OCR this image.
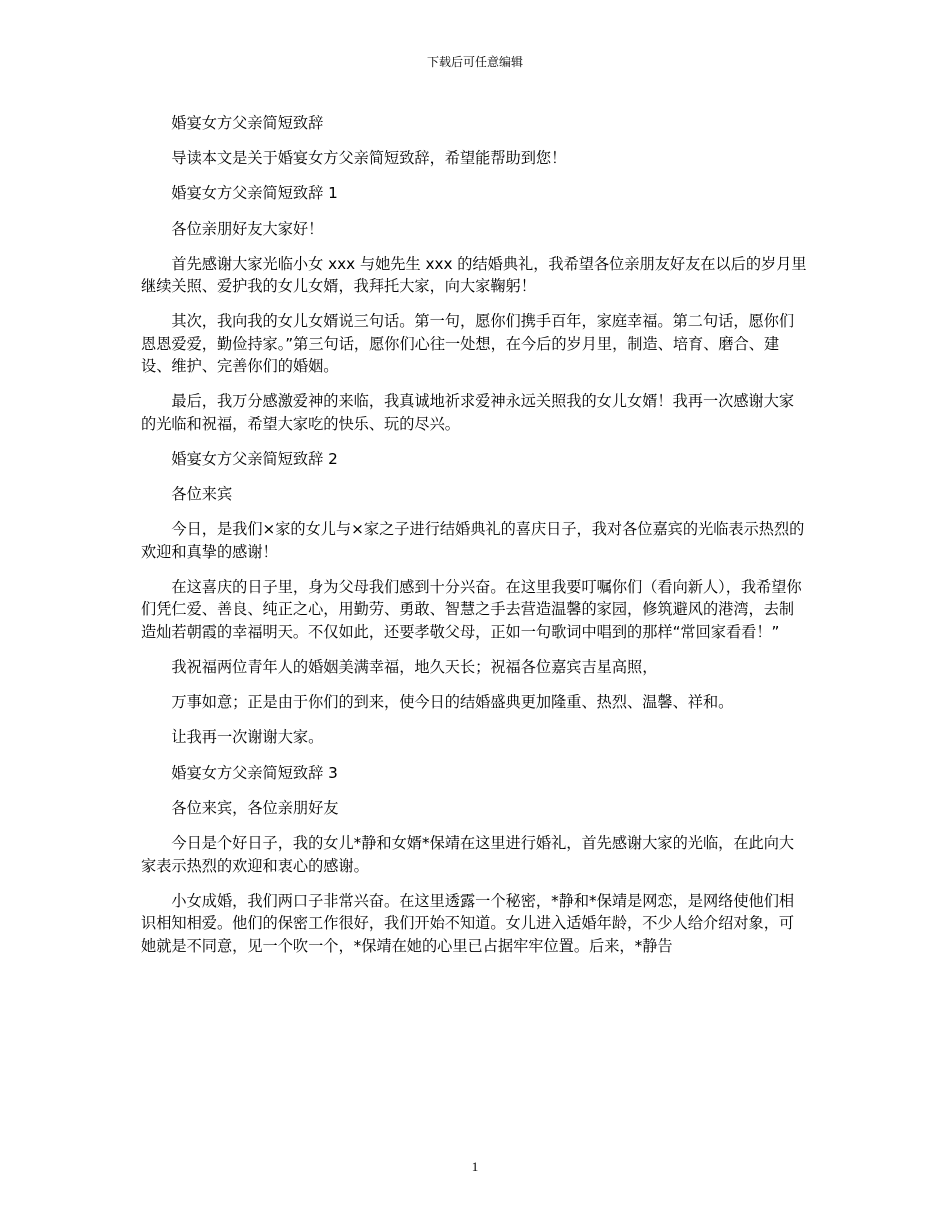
下载后可任意编辑

婚宴女方父亲简短致辞

导读本文是关于婚宴女方父亲简短致辞，希望能帮助到您！

婚宴女方父亲简短致辞 1

各位亲朋好友大家好！

首先感谢大家光临小女 xxx 与她先生 xxx 的结婚典礼，我希望各位亲朋友好友在以后的岁月里继续关照、爱护我的女儿女婿，我拜托大家，向大家鞠躬！

其次，我向我的女儿女婿说三句话。第一句，愿你们携手百年，家庭幸福。第二句话，愿你们恩恩爱爱，勤俭持家。”第三句话，愿你们心往一处想，在今后的岁月里，制造、培育、磨合、建设、维护、完善你们的婚姻。

最后，我万分感激爱神的来临，我真诚地祈求爱神永远关照我的女儿女婿！我再一次感谢大家的光临和祝福，希望大家吃的快乐、玩的尽兴。

婚宴女方父亲简短致辞 2

各位来宾

今日，是我们×家的女儿与×家之子进行结婚典礼的喜庆日子，我对各位嘉宾的光临表示热烈的欢迎和真挚的感谢！

在这喜庆的日子里，身为父母我们感到十分兴奋。在这里我要叮嘱你们（看向新人），我希望你们凭仁爱、善良、纯正之心，用勤劳、勇敢、智慧之手去营造温馨的家园，修筑避风的港湾，去制造灿若朝霞的幸福明天。不仅如此，还要孝敬父母，正如一句歌词中唱到的那样“常回家看看！”

我祝福两位青年人的婚姻美满幸福，地久天长；祝福各位嘉宾吉星高照，

万事如意；正是由于你们的到来，使今日的结婚盛典更加隆重、热烈、温馨、祥和。

让我再一次谢谢大家。

婚宴女方父亲简短致辞 3

各位来宾，各位亲朋好友

今日是个好日子，我的女儿*静和女婿*保靖在这里进行婚礼，首先感谢大家的光临，在此向大家表示热烈的欢迎和衷心的感谢。

小女成婚，我们两口子非常兴奋。在这里透露一个秘密，*静和*保靖是网恋，是网络使他们相识相知相爱。他们的保密工作很好，我们开始不知道。女儿进入适婚年龄，不少人给介绍对象，可她就是不同意，见一个吹一个，*保靖在她的心里已占据牢牢位置。后来，*静告

1
